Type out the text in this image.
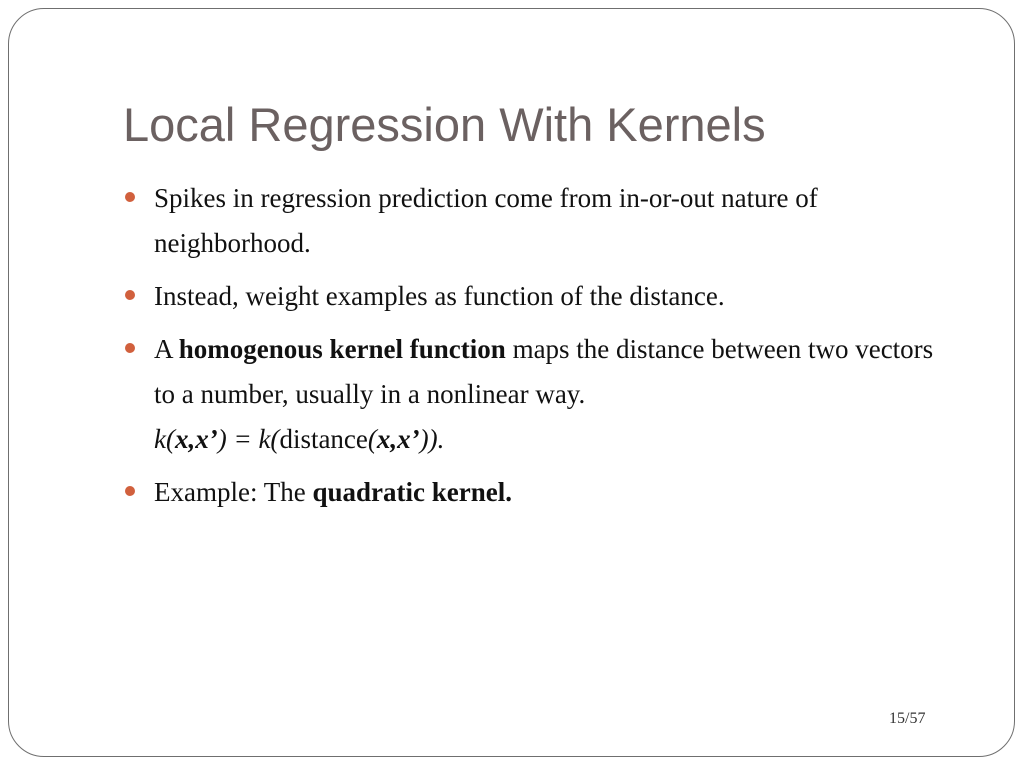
Local Regression With Kernels
Spikes in regression prediction come from in-or-out nature of neighborhood.
Instead, weight examples as function of the distance.
A homogenous kernel function maps the distance between two vectors to a number, usually in a nonlinear way.
k(x,x’) = k(distance(x,x’)).
Example: The quadratic kernel.
15/57
